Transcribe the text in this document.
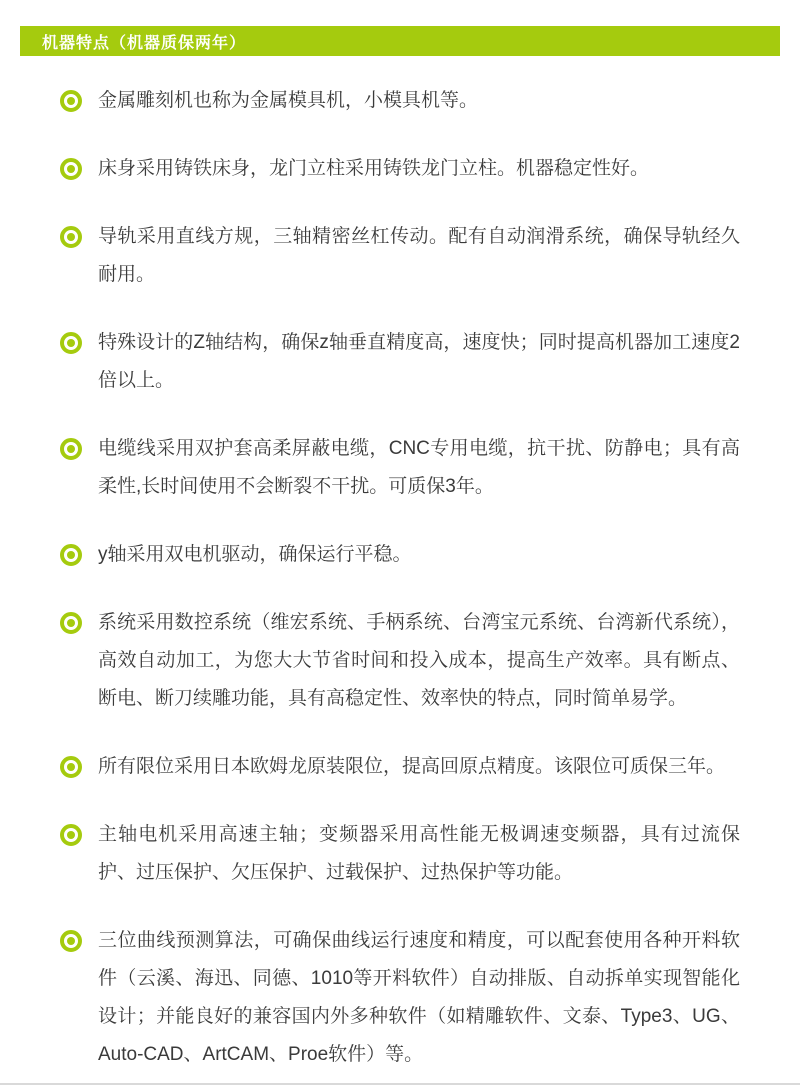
机器特点（机器质保两年）
金属雕刻机也称为金属模具机，小模具机等。
床身采用铸铁床身，龙门立柱采用铸铁龙门立柱。机器稳定性好。
导轨采用直线方规，三轴精密丝杠传动。配有自动润滑系统，确保导轨经久耐用。
特殊设计的Z轴结构，确保z轴垂直精度高，速度快；同时提高机器加工速度2倍以上。
电缆线采用双护套高柔屏蔽电缆，CNC专用电缆，抗干扰、防静电；具有高柔性,长时间使用不会断裂不干扰。可质保3年。
y轴采用双电机驱动，确保运行平稳。
系统采用数控系统（维宏系统、手柄系统、台湾宝元系统、台湾新代系统），高效自动加工，为您大大节省时间和投入成本，提高生产效率。具有断点、断电、断刀续雕功能，具有高稳定性、效率快的特点，同时简单易学。
所有限位采用日本欧姆龙原装限位，提高回原点精度。该限位可质保三年。
主轴电机采用高速主轴；变频器采用高性能无极调速变频器，具有过流保护、过压保护、欠压保护、过载保护、过热保护等功能。
三位曲线预测算法，可确保曲线运行速度和精度，可以配套使用各种开料软件（云溪、海迅、同德、1010等开料软件）自动排版、自动拆单实现智能化设计；并能良好的兼容国内外多种软件（如精雕软件、文泰、Type3、UG、Auto-CAD、ArtCAM、Proe软件）等。
